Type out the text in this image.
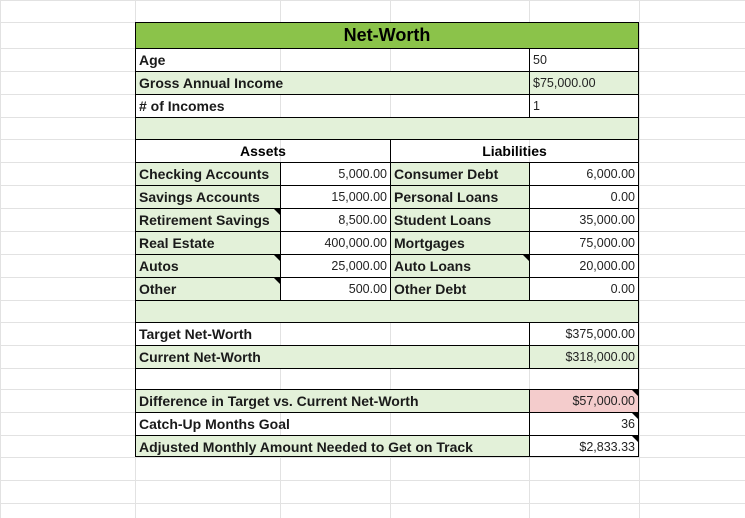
Net-Worth
Age	50
Gross Annual Income	$75,000.00
# of Incomes	1
Assets	Liabilities
Checking Accounts	5,000.00 Consumer Debt	6,000.00
Savings Accounts	15,000.00 Personal Loans	0.00
Retirement Savings	8,500.00 Student Loans	35,000.00
Real Estate	400,000.00 Mortgages	75,000.00
Autos	25,000.00 Auto Loans	20,000.00
Other	500.00 Other Debt	0.00
Target Net-Worth	$375,000.00
Current Net-Worth	$318,000.00
Difference in Target vs. Current Net-Worth	$57,000.00
Catch-Up Months Goal	36
Adjusted Monthly Amount Needed to Get on Track	$2,833.33
